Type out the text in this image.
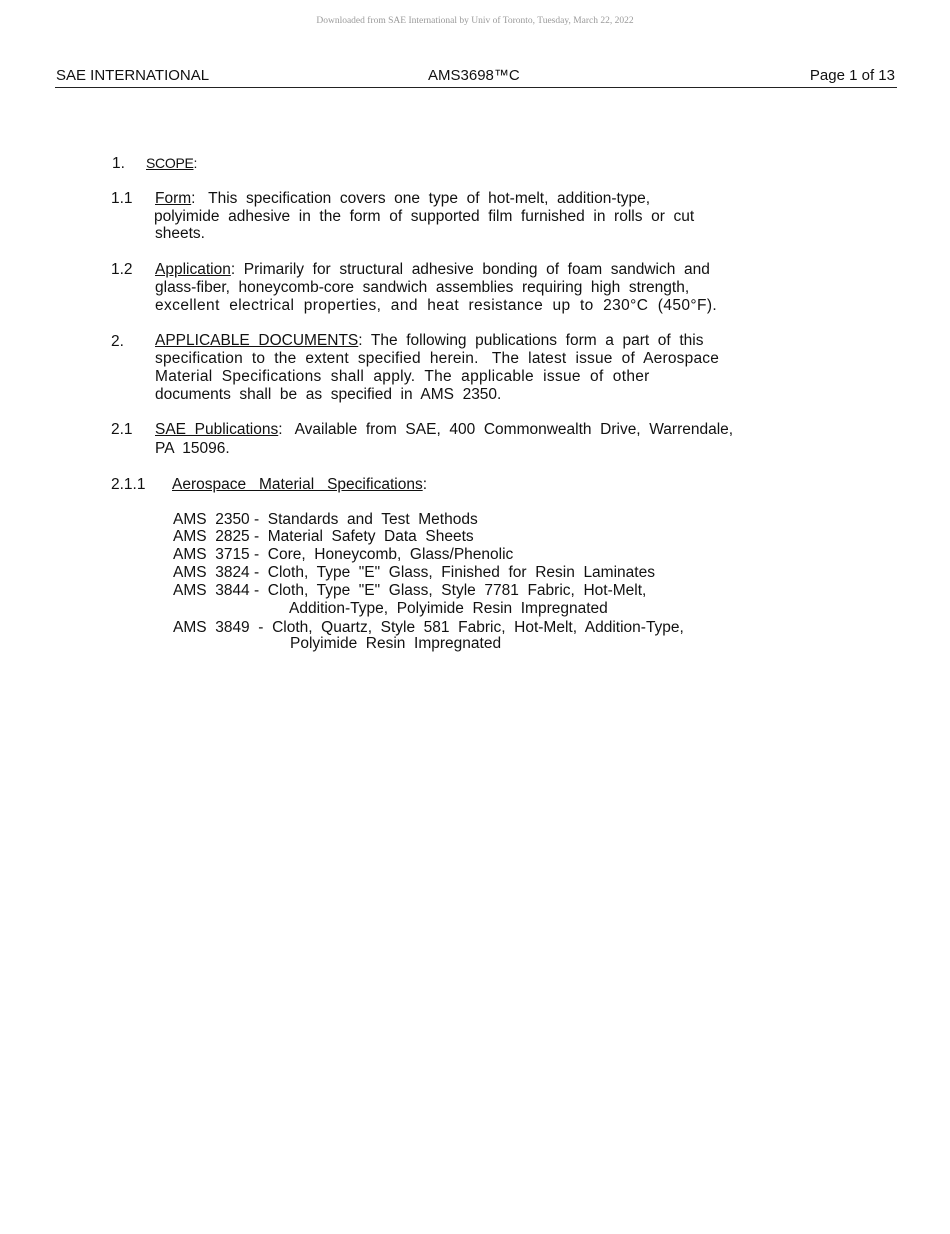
Downloaded from SAE International by Univ of Toronto, Tuesday, March 22, 2022
SAE INTERNATIONAL	AMS3698™C	Page 1 of 13
1. SCOPE:
1.1 Form:   This  specification  covers  one  type  of  hot-melt,  addition-type,
polyimide  adhesive  in  the  form  of  supported  film  furnished  in  rolls  or  cut
sheets.
1.2 Application:  Primarily  for  structural  adhesive  bonding  of  foam  sandwich  and
glass-fiber,  honeycomb-core  sandwich  assemblies  requiring  high  strength,
excellent  electrical  properties,  and  heat  resistance  up  to  230°C  (450°F).
2. APPLICABLE  DOCUMENTS:  The  following  publications  form  a  part  of  this
specification  to  the  extent  specified  herein.   The  latest  issue  of  Aerospace
Material  Specifications  shall  apply.  The  applicable  issue  of  other
documents  shall  be  as  specified  in  AMS  2350.
2.1 SAE  Publications:   Available  from  SAE,  400  Commonwealth  Drive,  Warrendale,
PA  15096.
2.1.1 Aerospace   Material   Specifications:
AMS  2350 -  Standards  and  Test  Methods
AMS  2825 -  Material  Safety  Data  Sheets
AMS  3715 -  Core,  Honeycomb,  Glass/Phenolic
AMS  3824 -  Cloth,  Type  "E"  Glass,  Finished  for  Resin  Laminates
AMS  3844 -  Cloth,  Type  "E"  Glass,  Style  7781  Fabric,  Hot-Melt,
Addition-Type,  Polyimide  Resin  Impregnated
AMS  3849  -  Cloth,  Quartz,  Style  581  Fabric,  Hot-Melt,  Addition-Type,
Polyimide  Resin  Impregnated
